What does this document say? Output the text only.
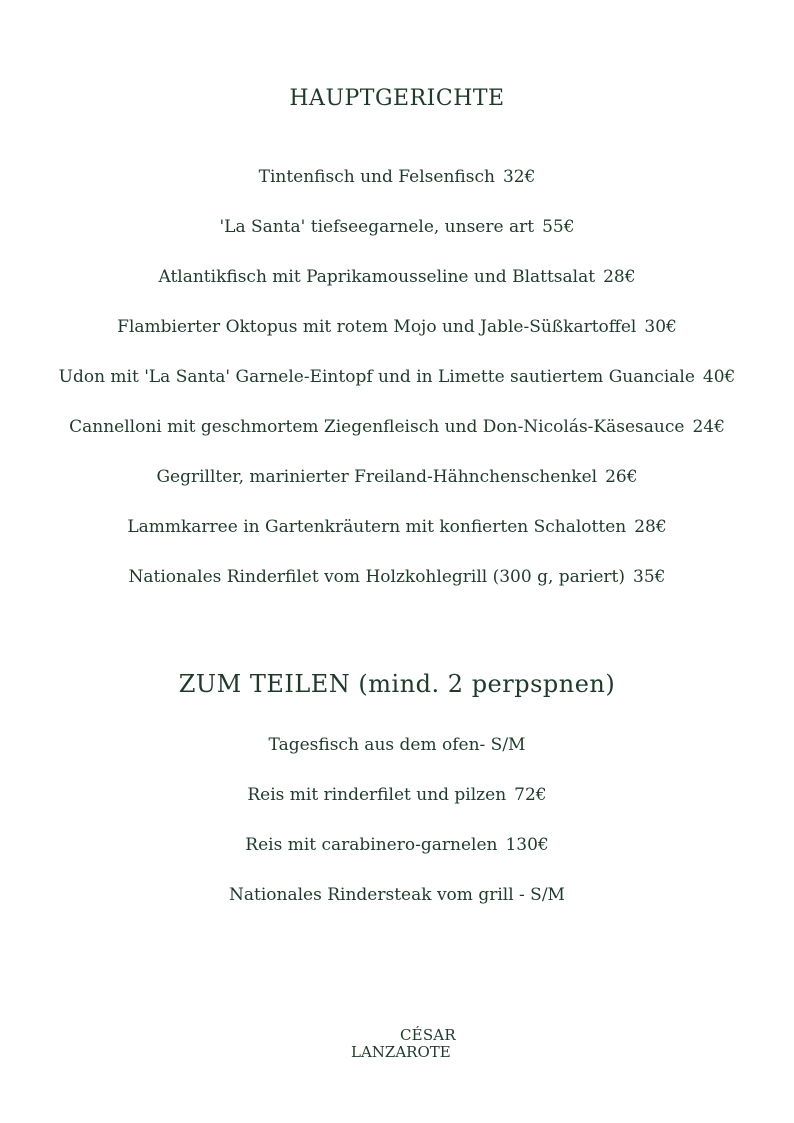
HAUPTGERICHTE
Tintenfisch und Felsenfisch 32€
'La Santa' tiefseegarnele, unsere art 55€
Atlantikfisch mit Paprikamousseline und Blattsalat 28€
Flambierter Oktopus mit rotem Mojo und Jable-Süßkartoffel 30€
Udon mit 'La Santa' Garnele-Eintopf und in Limette sautiertem Guanciale 40€
Cannelloni mit geschmortem Ziegenfleisch und Don-Nicolás-Käsesauce 24€
Gegrillter, marinierter Freiland-Hähnchenschenkel 26€
Lammkarree in Gartenkräutern mit konfierten Schalotten 28€
Nationales Rinderfilet vom Holzkohlegrill (300 g, pariert) 35€
ZUM TEILEN (mind. 2 perpspnen)
Tagesfisch aus dem ofen- S/M
Reis mit rinderfilet und pilzen 72€
Reis mit carabinero-garnelen 130€
Nationales Rindersteak vom grill - S/M
CÉSAR
LANZAROTE
